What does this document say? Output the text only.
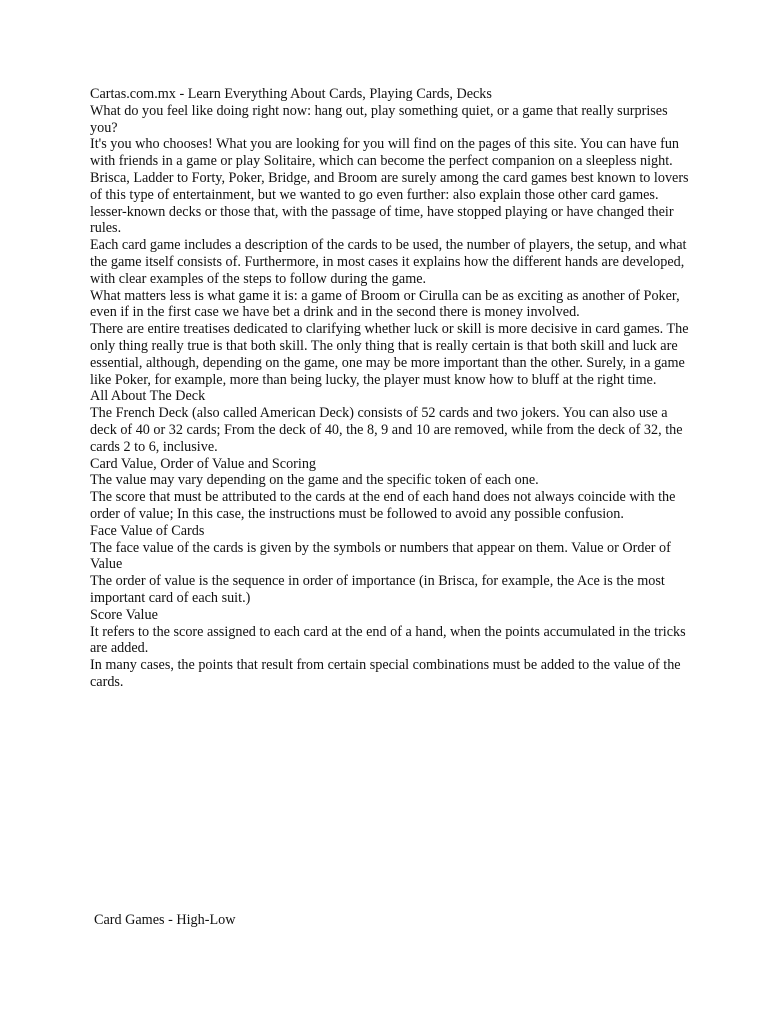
Cartas.com.mx - Learn Everything About Cards, Playing Cards, Decks

What do you feel like doing right now: hang out, play something quiet, or a game that really surprises you?

It's you who chooses! What you are looking for you will find on the pages of this site. You can have fun with friends in a game or play Solitaire, which can become the perfect companion on a sleepless night. Brisca, Ladder to Forty, Poker, Bridge, and Broom are surely among the card games best known to lovers of this type of entertainment, but we wanted to go even further: also explain those other card games. lesser-known decks or those that, with the passage of time, have stopped playing or have changed their rules.

Each card game includes a description of the cards to be used, the number of players, the setup, and what the game itself consists of. Furthermore, in most cases it explains how the different hands are developed, with clear examples of the steps to follow during the game.

What matters less is what game it is: a game of Broom or Cirulla can be as exciting as another of Poker, even if in the first case we have bet a drink and in the second there is money involved.

There are entire treatises dedicated to clarifying whether luck or skill is more decisive in card games. The only thing really true is that both skill. The only thing that is really certain is that both skill and luck are essential, although, depending on the game, one may be more important than the other. Surely, in a game like Poker, for example, more than being lucky, the player must know how to bluff at the right time.

All About The Deck

The French Deck (also called American Deck) consists of 52 cards and two jokers. You can also use a deck of 40 or 32 cards; From the deck of 40, the 8, 9 and 10 are removed, while from the deck of 32, the cards 2 to 6, inclusive.

Card Value, Order of Value and Scoring

The value may vary depending on the game and the specific token of each one.

The score that must be attributed to the cards at the end of each hand does not always coincide with the order of value; In this case, the instructions must be followed to avoid any possible confusion.

Face Value of Cards

The face value of the cards is given by the symbols or numbers that appear on them. Value or Order of Value

The order of value is the sequence in order of importance (in Brisca, for example, the Ace is the most important card of each suit.)

Score Value

It refers to the score assigned to each card at the end of a hand, when the points accumulated in the tricks are added.

In many cases, the points that result from certain special combinations must be added to the value of the cards.

Card Games - High-Low
